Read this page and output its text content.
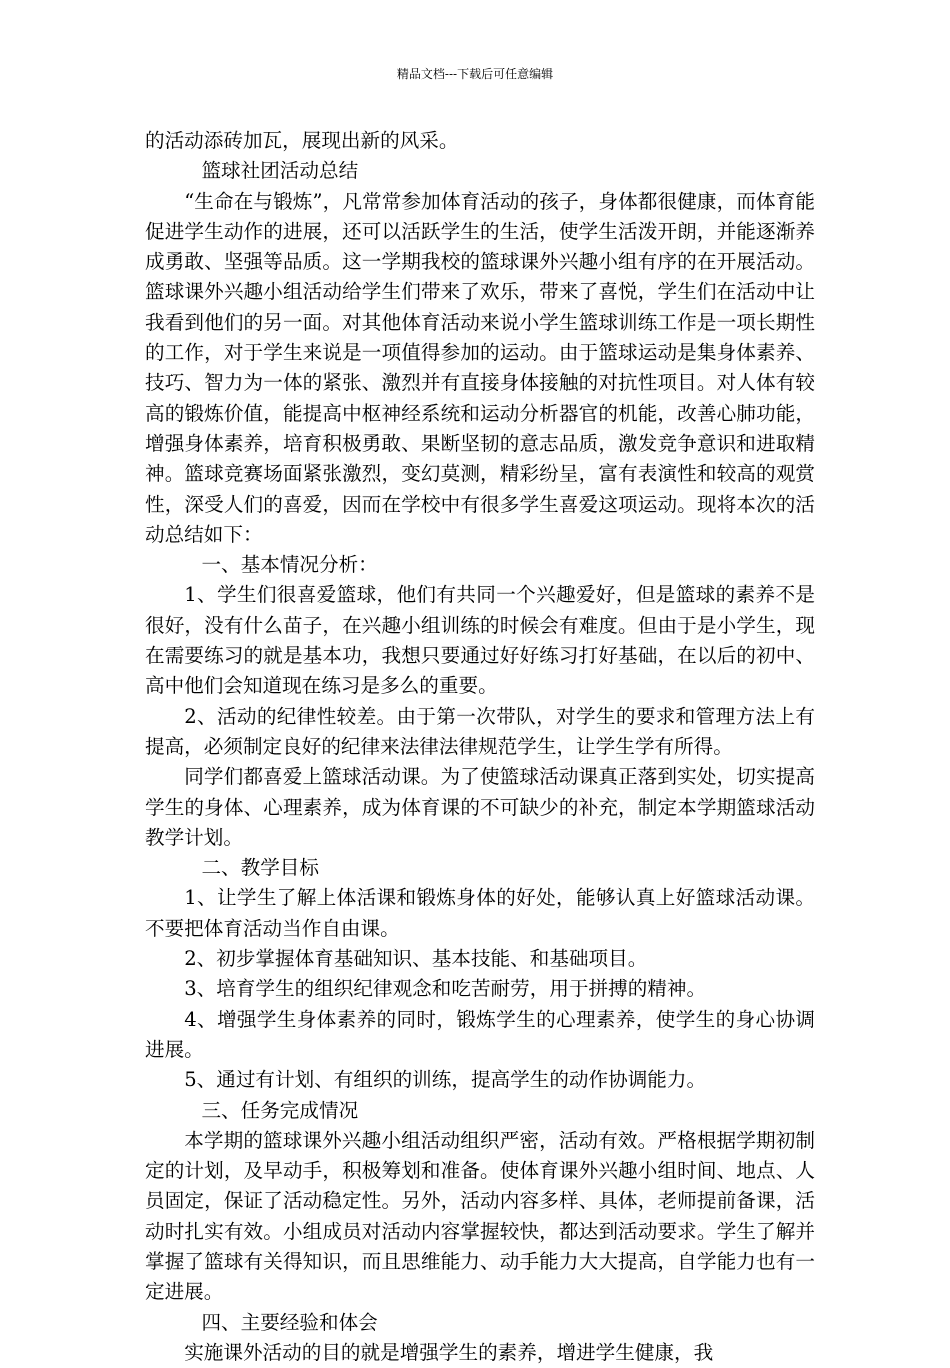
精品文档---下载后可任意编辑

的活动添砖加瓦，展现出新的风采。

篮球社团活动总结

“生命在与锻炼”，凡常常参加体育活动的孩子，身体都很健康，而体育能促进学生动作的进展，还可以活跃学生的生活，使学生活泼开朗，并能逐渐养成勇敢、坚强等品质。这一学期我校的篮球课外兴趣小组有序的在开展活动。篮球课外兴趣小组活动给学生们带来了欢乐，带来了喜悦，学生们在活动中让我看到他们的另一面。对其他体育活动来说小学生篮球训练工作是一项长期性的工作，对于学生来说是一项值得参加的运动。由于篮球运动是集身体素养、技巧、智力为一体的紧张、激烈并有直接身体接触的对抗性项目。对人体有较高的锻炼价值，能提高中枢神经系统和运动分析器官的机能，改善心肺功能，增强身体素养，培育积极勇敢、果断坚韧的意志品质，激发竞争意识和进取精神。篮球竞赛场面紧张激烈，变幻莫测，精彩纷呈，富有表演性和较高的观赏性，深受人们的喜爱，因而在学校中有很多学生喜爱这项运动。现将本次的活动总结如下：

一、基本情况分析：

1、学生们很喜爱篮球，他们有共同一个兴趣爱好，但是篮球的素养不是很好，没有什么苗子，在兴趣小组训练的时候会有难度。但由于是小学生，现在需要练习的就是基本功，我想只要通过好好练习打好基础，在以后的初中、高中他们会知道现在练习是多么的重要。

2、活动的纪律性较差。由于第一次带队，对学生的要求和管理方法上有提高，必须制定良好的纪律来法律法律规范学生，让学生学有所得。

同学们都喜爱上篮球活动课。为了使篮球活动课真正落到实处，切实提高学生的身体、心理素养，成为体育课的不可缺少的补充，制定本学期篮球活动教学计划。

二、教学目标

1、让学生了解上体活课和锻炼身体的好处，能够认真上好篮球活动课。不要把体育活动当作自由课。

2、初步掌握体育基础知识、基本技能、和基础项目。

3、培育学生的组织纪律观念和吃苦耐劳，用于拼搏的精神。

4、增强学生身体素养的同时，锻炼学生的心理素养，使学生的身心协调进展。

5、通过有计划、有组织的训练，提高学生的动作协调能力。

三、任务完成情况

本学期的篮球课外兴趣小组活动组织严密，活动有效。严格根据学期初制定的计划，及早动手，积极筹划和准备。使体育课外兴趣小组时间、地点、人员固定，保证了活动稳定性。另外，活动内容多样、具体，老师提前备课，活动时扎实有效。小组成员对活动内容掌握较快，都达到活动要求。学生了解并掌握了篮球有关得知识，而且思维能力、动手能力大大提高，自学能力也有一定进展。

四、主要经验和体会

实施课外活动的目的就是增强学生的素养，增进学生健康，我
